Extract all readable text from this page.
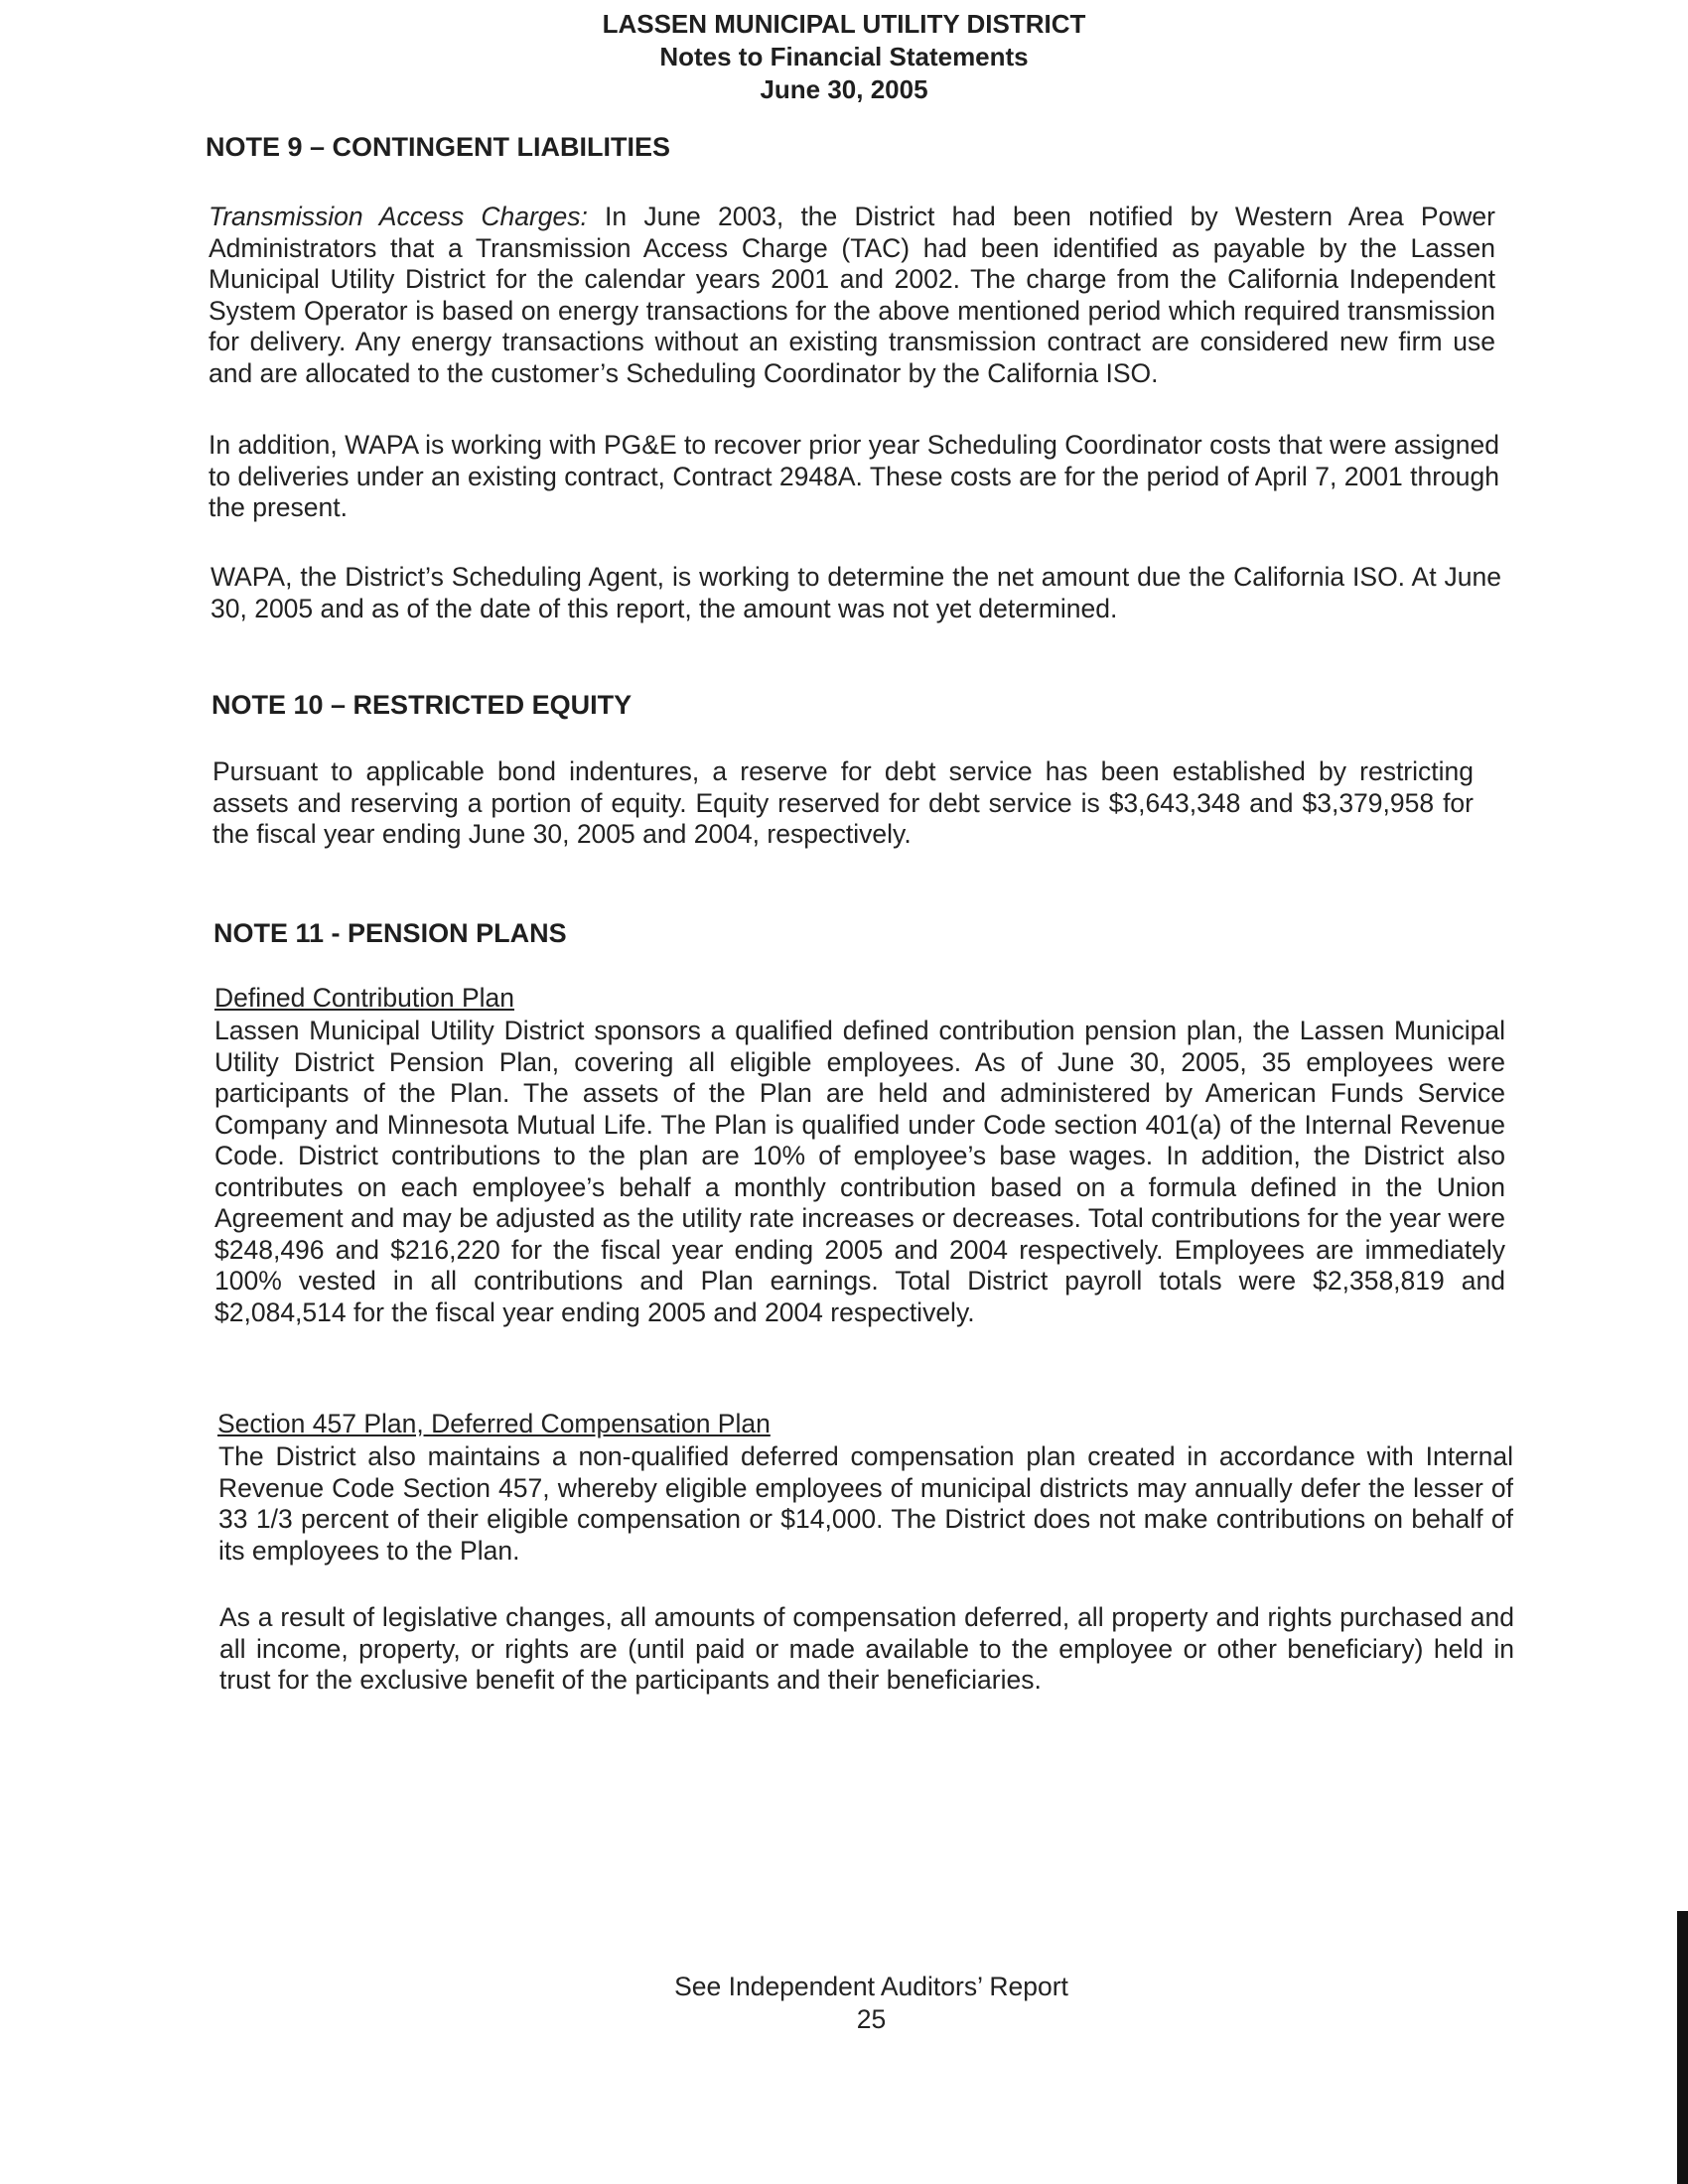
LASSEN MUNICIPAL UTILITY DISTRICT
Notes to Financial Statements
June 30, 2005
NOTE 9 – CONTINGENT LIABILITIES
Transmission Access Charges: In June 2003, the District had been notified by Western Area Power Administrators that a Transmission Access Charge (TAC) had been identified as payable by the Lassen Municipal Utility District for the calendar years 2001 and 2002. The charge from the California Independent System Operator is based on energy transactions for the above mentioned period which required transmission for delivery. Any energy transactions without an existing transmission contract are considered new firm use and are allocated to the customer’s Scheduling Coordinator by the California ISO.
In addition, WAPA is working with PG&E to recover prior year Scheduling Coordinator costs that were assigned to deliveries under an existing contract, Contract 2948A. These costs are for the period of April 7, 2001 through the present.
WAPA, the District’s Scheduling Agent, is working to determine the net amount due the California ISO. At June 30, 2005 and as of the date of this report, the amount was not yet determined.
NOTE 10 – RESTRICTED EQUITY
Pursuant to applicable bond indentures, a reserve for debt service has been established by restricting assets and reserving a portion of equity. Equity reserved for debt service is $3,643,348 and $3,379,958 for the fiscal year ending June 30, 2005 and 2004, respectively.
NOTE 11 - PENSION PLANS
Defined Contribution Plan
Lassen Municipal Utility District sponsors a qualified defined contribution pension plan, the Lassen Municipal Utility District Pension Plan, covering all eligible employees. As of June 30, 2005, 35 employees were participants of the Plan. The assets of the Plan are held and administered by American Funds Service Company and Minnesota Mutual Life. The Plan is qualified under Code section 401(a) of the Internal Revenue Code. District contributions to the plan are 10% of employee’s base wages. In addition, the District also contributes on each employee’s behalf a monthly contribution based on a formula defined in the Union Agreement and may be adjusted as the utility rate increases or decreases. Total contributions for the year were $248,496 and $216,220 for the fiscal year ending 2005 and 2004 respectively. Employees are immediately 100% vested in all contributions and Plan earnings. Total District payroll totals were $2,358,819 and $2,084,514 for the fiscal year ending 2005 and 2004 respectively.
Section 457 Plan, Deferred Compensation Plan
The District also maintains a non-qualified deferred compensation plan created in accordance with Internal Revenue Code Section 457, whereby eligible employees of municipal districts may annually defer the lesser of 33 1/3 percent of their eligible compensation or $14,000. The District does not make contributions on behalf of its employees to the Plan.
As a result of legislative changes, all amounts of compensation deferred, all property and rights purchased and all income, property, or rights are (until paid or made available to the employee or other beneficiary) held in trust for the exclusive benefit of the participants and their beneficiaries.
See Independent Auditors’ Report
25
